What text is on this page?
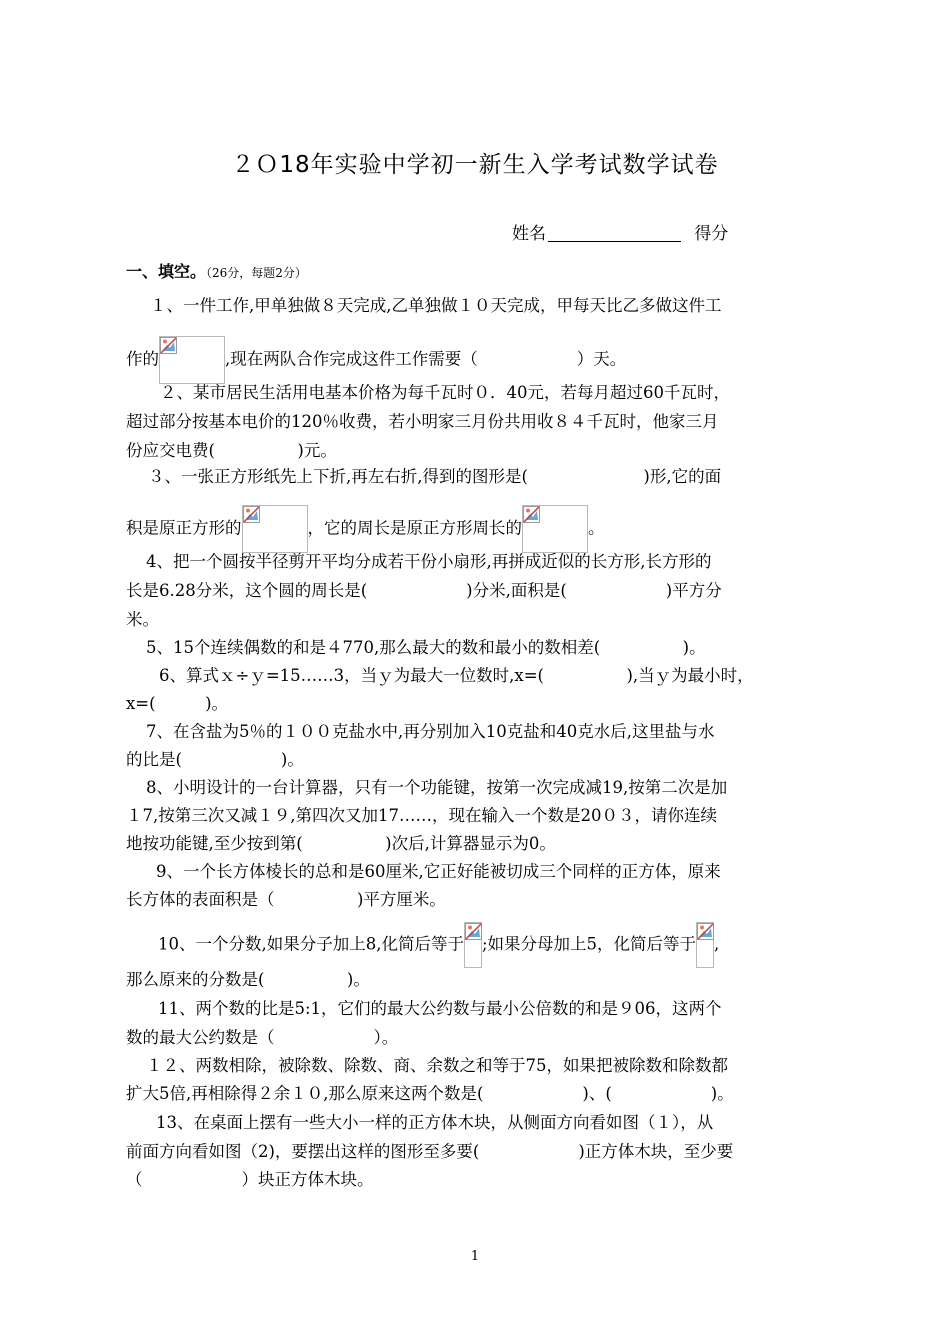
２Ｏ18年实验中学初一新生入学考试数学试卷
姓名	得分
一、填空。（26分，每题2分）
１、一件工作,甲单独做８天完成,乙单独做１０天完成，甲每天比乙多做这件工
作的	,现在两队合作完成这件工作需要（　　　　　　）天。
２、某市居民生活用电基本价格为每千瓦时０．40元，若每月超过60千瓦时，
超过部分按基本电价的120％收费，若小明家三月份共用收８４千瓦时，他家三月
份应交电费(　　　　　)元。
３、一张正方形纸先上下折,再左右折,得到的图形是(　　　　　　　)形,它的面
积是原正方形的	，它的周长是原正方形周长的	。
4、把一个圆按半径剪开平均分成若干份小扇形,再拼成近似的长方形,长方形的
长是6.28分米，这个圆的周长是(　　　　　　)分米,面积是(　　　　　　)平方分
米。
5、15个连续偶数的和是４770,那么最大的数和最小的数相差(　　　　　)。
6、算式ｘ÷ｙ=15……3，当ｙ为最大一位数时,x=(　　　　　),当ｙ为最小时，
x=(　　　)。
7、在含盐为5％的１００克盐水中,再分别加入10克盐和40克水后,这里盐与水
的比是(　　　　　　)。
8、小明设计的一台计算器，只有一个功能键，按第一次完成减19,按第二次是加
１7,按第三次又减１９,第四次又加17……，现在输入一个数是20０３，请你连续
地按功能键,至少按到第(　　　　　)次后,计算器显示为0。
9、一个长方体棱长的总和是60厘米,它正好能被切成三个同样的正方体，原来
长方体的表面积是（　　　　　)平方厘米。
10、一个分数,如果分子加上8,化简后等于 ;如果分母加上5，化简后等于 ,
那么原来的分数是(　　　　　)。
11、两个数的比是5:1，它们的最大公约数与最小公倍数的和是９06，这两个
数的最大公约数是（　　　　　　）。
１２、两数相除，被除数、除数、商、余数之和等于75，如果把被除数和除数都
扩大5倍,再相除得２余１０,那么原来这两个数是(　　　　　　)、(　　　　　　)。
13、在桌面上摆有一些大小一样的正方体木块，从侧面方向看如图（１），从
前面方向看如图（2)，要摆出这样的图形至多要(　　　　　　)正方体木块，至少要
（　　　　　　）块正方体木块。
1
